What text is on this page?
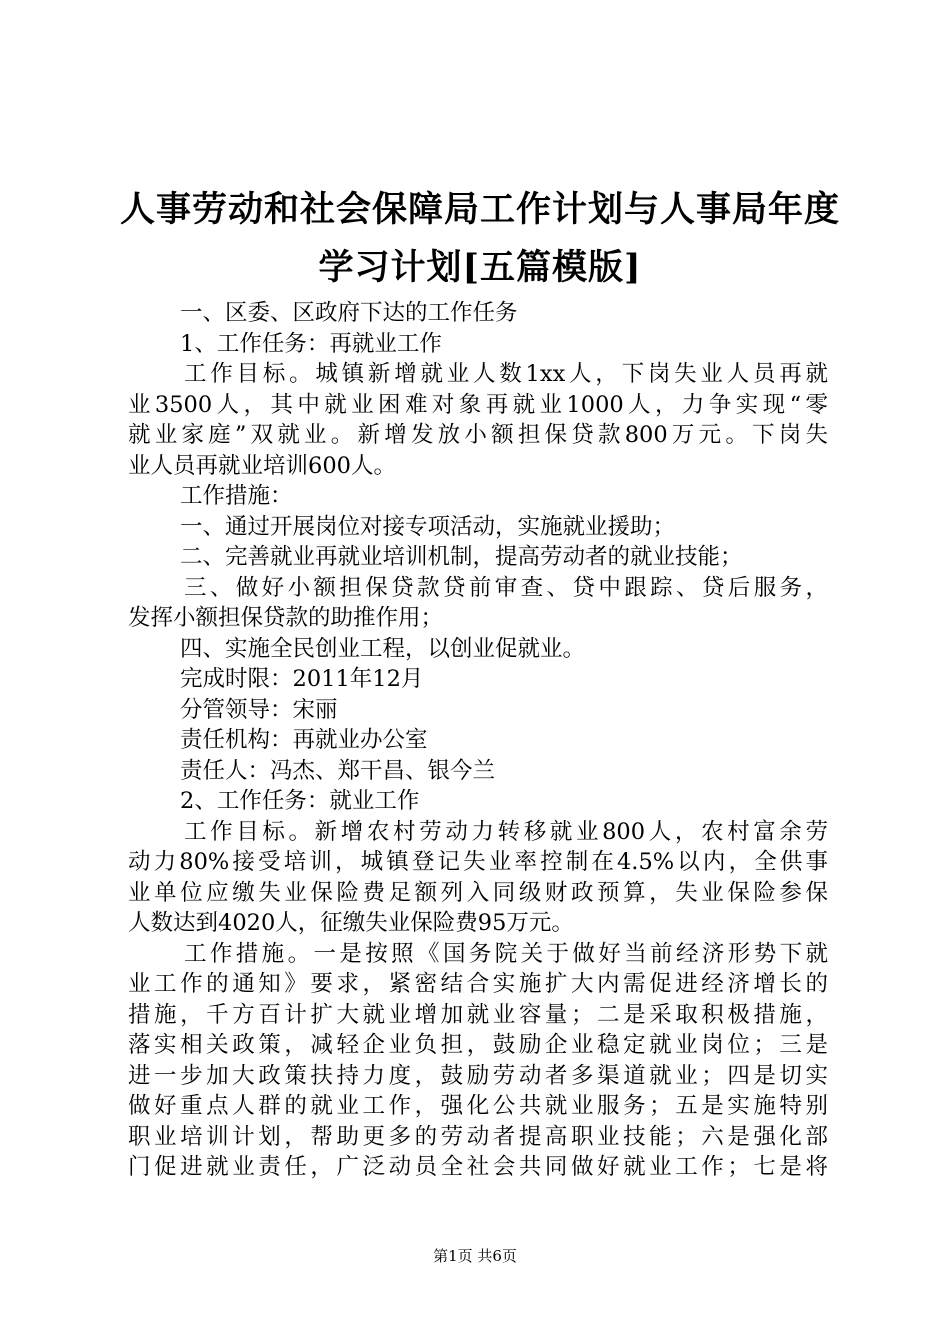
人事劳动和社会保障局工作计划与人事局年度
学习计划[五篇模版]
一、区委、区政府下达的工作任务
1、工作任务：再就业工作
工作目标。城镇新增就业人数1xx人，下岗失业人员再就
业3500人，其中就业困难对象再就业1000人，力争实现“零
就业家庭”双就业。新增发放小额担保贷款800万元。下岗失
业人员再就业培训600人。
工作措施：
一、通过开展岗位对接专项活动，实施就业援助；
二、完善就业再就业培训机制，提高劳动者的就业技能；
三、做好小额担保贷款贷前审查、贷中跟踪、贷后服务，
发挥小额担保贷款的助推作用；
四、实施全民创业工程，以创业促就业。
完成时限：2011年12月
分管领导：宋丽
责任机构：再就业办公室
责任人：冯杰、郑干昌、银今兰
2、工作任务：就业工作
工作目标。新增农村劳动力转移就业800人，农村富余劳
动力80%接受培训，城镇登记失业率控制在4.5%以内，全供事
业单位应缴失业保险费足额列入同级财政预算，失业保险参保
人数达到4020人，征缴失业保险费95万元。
工作措施。一是按照《国务院关于做好当前经济形势下就
业工作的通知》要求，紧密结合实施扩大内需促进经济增长的
措施，千方百计扩大就业增加就业容量；二是采取积极措施，
落实相关政策，减轻企业负担，鼓励企业稳定就业岗位；三是
进一步加大政策扶持力度，鼓励劳动者多渠道就业；四是切实
做好重点人群的就业工作，强化公共就业服务；五是实施特别
职业培训计划，帮助更多的劳动者提高职业技能；六是强化部
门促进就业责任，广泛动员全社会共同做好就业工作；七是将
第1页 共6页
